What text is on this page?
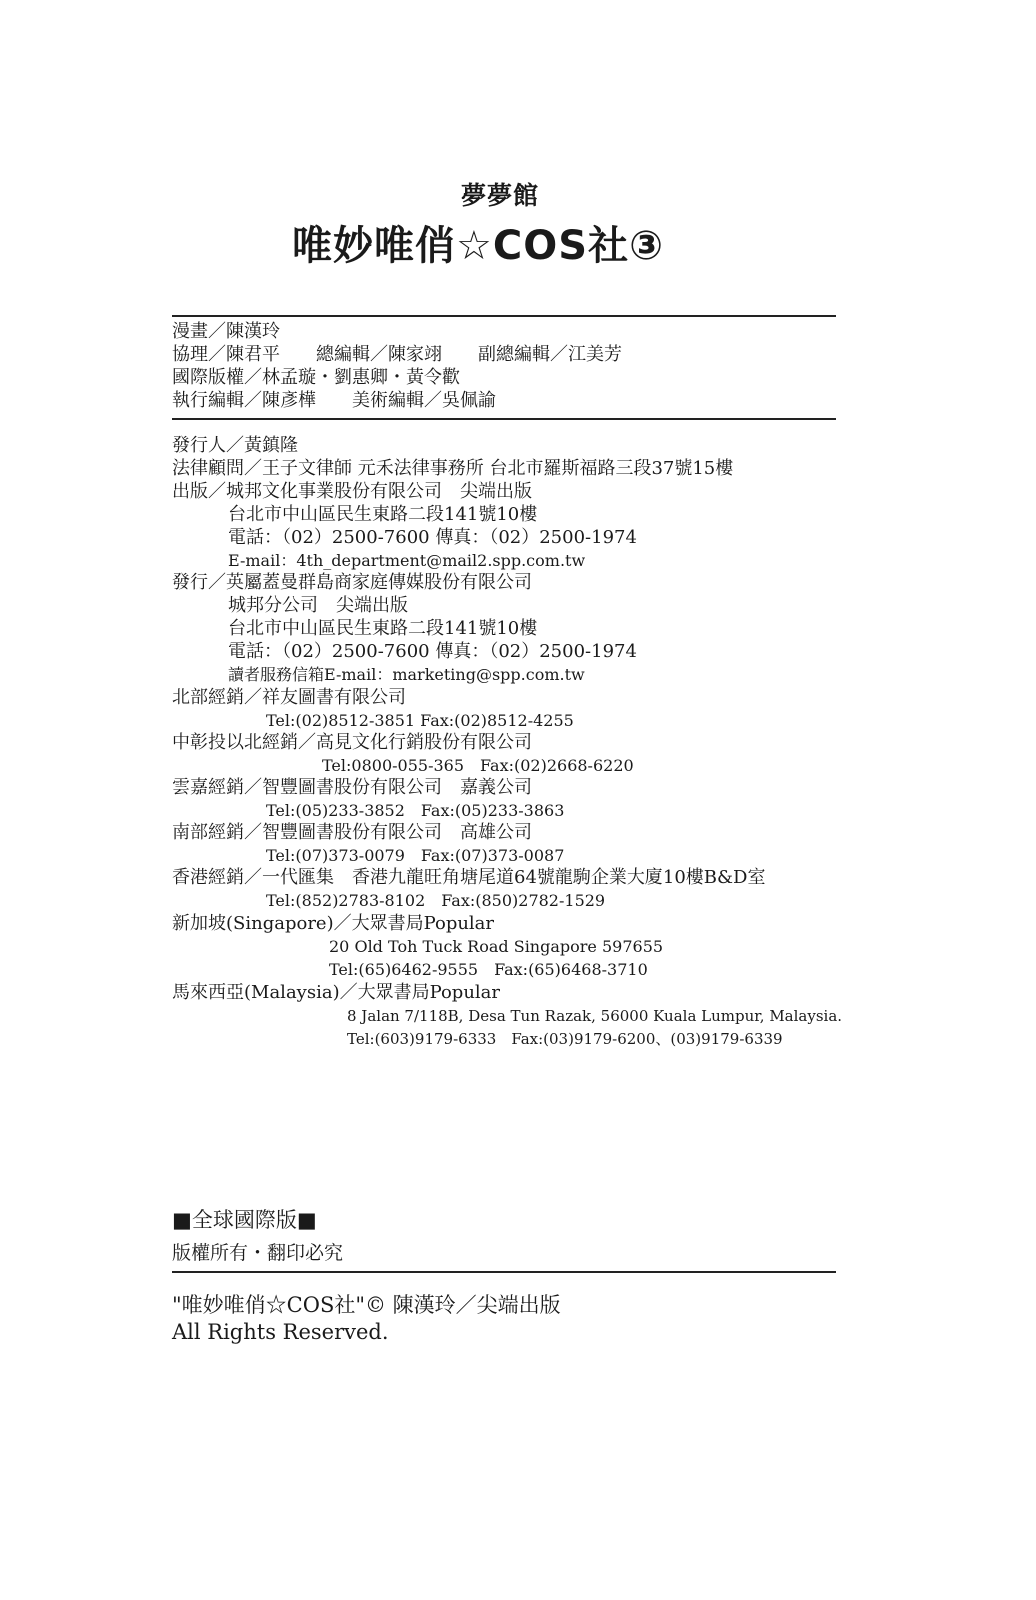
夢夢館
唯妙唯俏☆COS社③
漫畫／陳漢玲
協理／陳君平 總編輯／陳家翊 副總編輯／江美芳
國際版權／林孟璇・劉惠卿・黃令歡
執行編輯／陳彥樺 美術編輯／吳佩諭
發行人／黃鎮隆
法律顧問／王子文律師 元禾法律事務所 台北市羅斯福路三段37號15樓
出版／城邦文化事業股份有限公司　尖端出版
台北市中山區民生東路二段141號10樓
電話：（02）2500-7600 傳真：（02）2500-1974
E-mail：4th_department@mail2.spp.com.tw
發行／英屬蓋曼群島商家庭傳媒股份有限公司
城邦分公司　尖端出版
台北市中山區民生東路二段141號10樓
電話：（02）2500-7600 傳真：（02）2500-1974
讀者服務信箱E-mail：marketing@spp.com.tw
北部經銷／祥友圖書有限公司
Tel:(02)8512-3851 Fax:(02)8512-4255
中彰投以北經銷／高見文化行銷股份有限公司
Tel:0800-055-365　Fax:(02)2668-6220
雲嘉經銷／智豐圖書股份有限公司　嘉義公司
Tel:(05)233-3852　Fax:(05)233-3863
南部經銷／智豐圖書股份有限公司　高雄公司
Tel:(07)373-0079　Fax:(07)373-0087
香港經銷／一代匯集　香港九龍旺角塘尾道64號龍駒企業大廈10樓B&D室
Tel:(852)2783-8102　Fax:(850)2782-1529
新加坡(Singapore)／大眾書局Popular
20 Old Toh Tuck Road Singapore 597655
Tel:(65)6462-9555　Fax:(65)6468-3710
馬來西亞(Malaysia)／大眾書局Popular
8 Jalan 7/118B, Desa Tun Razak, 56000 Kuala Lumpur, Malaysia.
Tel:(603)9179-6333　Fax:(03)9179-6200、(03)9179-6339
■全球國際版■
版權所有・翻印必究
"唯妙唯俏☆COS社"© 陳漢玲／尖端出版
All Rights Reserved.
